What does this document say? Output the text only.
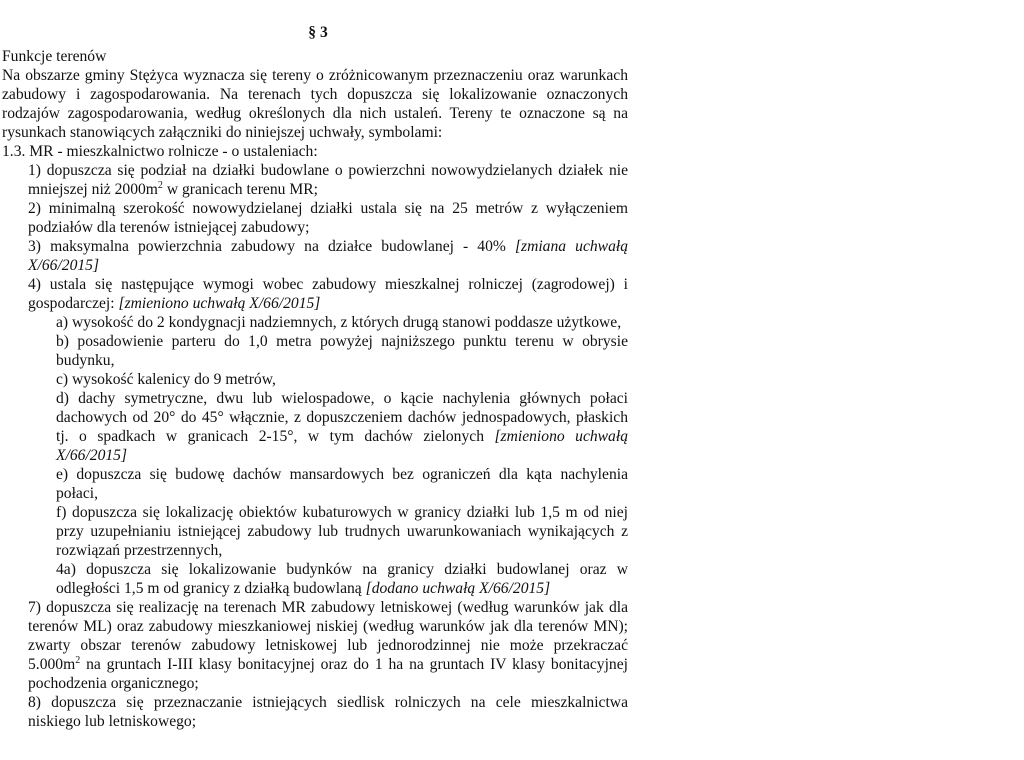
§ 3

Funkcje terenów

Na obszarze gminy Stężyca wyznacza się tereny o zróżnicowanym przeznaczeniu oraz warunkach zabudowy i zagospodarowania. Na terenach tych dopuszcza się lokalizowanie oznaczonych rodzajów zagospodarowania, według określonych dla nich ustaleń. Tereny te oznaczone są na rysunkach stanowiących załączniki do niniejszej uchwały, symbolami:

1.3. MR - mieszkalnictwo rolnicze - o ustaleniach:

1) dopuszcza się podział na działki budowlane o powierzchni nowowydzielanych działek nie mniejszej niż $2000m^2$ w granicach terenu MR;

2) minimalną szerokość nowowydzielanej działki ustala się na 25 metrów z wyłączeniem podziałów dla terenów istniejącej zabudowy;

3) maksymalna powierzchnia zabudowy na działce budowlanej - 40% [zmiana uchwałą X/66/2015]

4) ustala się następujące wymogi wobec zabudowy mieszkalnej rolniczej (zagrodowej) i gospodarczej: [zmieniono uchwałą X/66/2015]

a) wysokość do 2 kondygnacji nadziemnych, z których drugą stanowi poddasze użytkowe,

b) posadowienie parteru do 1,0 metra powyżej najniższego punktu terenu w obrysie budynku,

c) wysokość kalenicy do 9 metrów,

d) dachy symetryczne, dwu lub wielospadowe, o kącie nachylenia głównych połaci dachowych od 20° do 45° włącznie, z dopuszczeniem dachów jednospadowych, płaskich tj. o spadkach w granicach 2-15°, w tym dachów zielonych [zmieniono uchwałą X/66/2015]

e) dopuszcza się budowę dachów mansardowych bez ograniczeń dla kąta nachylenia połaci,

f) dopuszcza się lokalizację obiektów kubaturowych w granicy działki lub 1,5 m od niej przy uzupełnianiu istniejącej zabudowy lub trudnych uwarunkowaniach wynikających z rozwiązań przestrzennych,

4a) dopuszcza się lokalizowanie budynków na granicy działki budowlanej oraz w odległości 1,5 m od granicy z działką budowlaną [dodano uchwałą X/66/2015]

7) dopuszcza się realizację na terenach MR zabudowy letniskowej (według warunków jak dla terenów ML) oraz zabudowy mieszkaniowej niskiej (według warunków jak dla terenów MN); zwarty obszar terenów zabudowy letniskowej lub jednorodzinnej nie może przekraczać $5.000m^2$ na gruntach I-III klasy bonitacyjnej oraz do 1 ha na gruntach IV klasy bonitacyjnej pochodzenia organicznego;

8) dopuszcza się przeznaczanie istniejących siedlisk rolniczych na cele mieszkalnictwa niskiego lub letniskowego;
